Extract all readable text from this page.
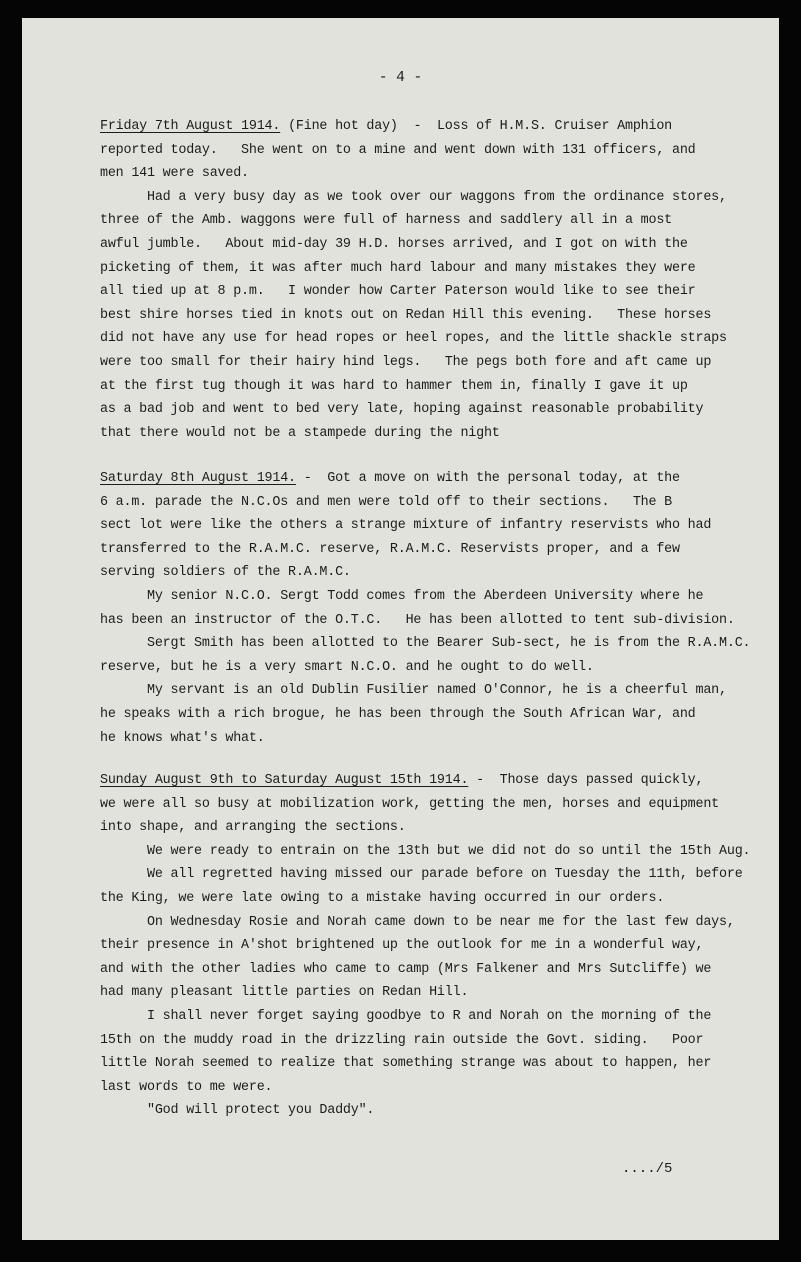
- 4 -
Friday 7th August 1914. (Fine hot day)  -  Loss of H.M.S. Cruiser Amphion
reported today.   She went on to a mine and went down with 131 officers, and
men 141 were saved.
Had a very busy day as we took over our waggons from the ordinance stores,
three of the Amb. waggons were full of harness and saddlery all in a most
awful jumble.   About mid-day 39 H.D. horses arrived, and I got on with the
picketing of them, it was after much hard labour and many mistakes they were
all tied up at 8 p.m.   I wonder how Carter Paterson would like to see their
best shire horses tied in knots out on Redan Hill this evening.   These horses
did not have any use for head ropes or heel ropes, and the little shackle straps
were too small for their hairy hind legs.   The pegs both fore and aft came up
at the first tug though it was hard to hammer them in, finally I gave it up
as a bad job and went to bed very late, hoping against reasonable probability
that there would not be a stampede during the night
Saturday 8th August 1914. -  Got a move on with the personal today, at the
6 a.m. parade the N.C.Os and men were told off to their sections.   The B
sect lot were like the others a strange mixture of infantry reservists who had
transferred to the R.A.M.C. reserve, R.A.M.C. Reservists proper, and a few
serving soldiers of the R.A.M.C.
My senior N.C.O. Sergt Todd comes from the Aberdeen University where he
has been an instructor of the O.T.C.   He has been allotted to tent sub-division.
Sergt Smith has been allotted to the Bearer Sub-sect, he is from the R.A.M.C.
reserve, but he is a very smart N.C.O. and he ought to do well.
My servant is an old Dublin Fusilier named O'Connor, he is a cheerful man,
he speaks with a rich brogue, he has been through the South African War, and
he knows what's what.
Sunday August 9th to Saturday August 15th 1914. -  Those days passed quickly,
we were all so busy at mobilization work, getting the men, horses and equipment
into shape, and arranging the sections.
We were ready to entrain on the 13th but we did not do so until the 15th Aug.
We all regretted having missed our parade before on Tuesday the 11th, before
the King, we were late owing to a mistake having occurred in our orders.
On Wednesday Rosie and Norah came down to be near me for the last few days,
their presence in A'shot brightened up the outlook for me in a wonderful way,
and with the other ladies who came to camp (Mrs Falkener and Mrs Sutcliffe) we
had many pleasant little parties on Redan Hill.
I shall never forget saying goodbye to R and Norah on the morning of the
15th on the muddy road in the drizzling rain outside the Govt. siding.   Poor
little Norah seemed to realize that something strange was about to happen, her
last words to me were.
"God will protect you Daddy".
..../5
